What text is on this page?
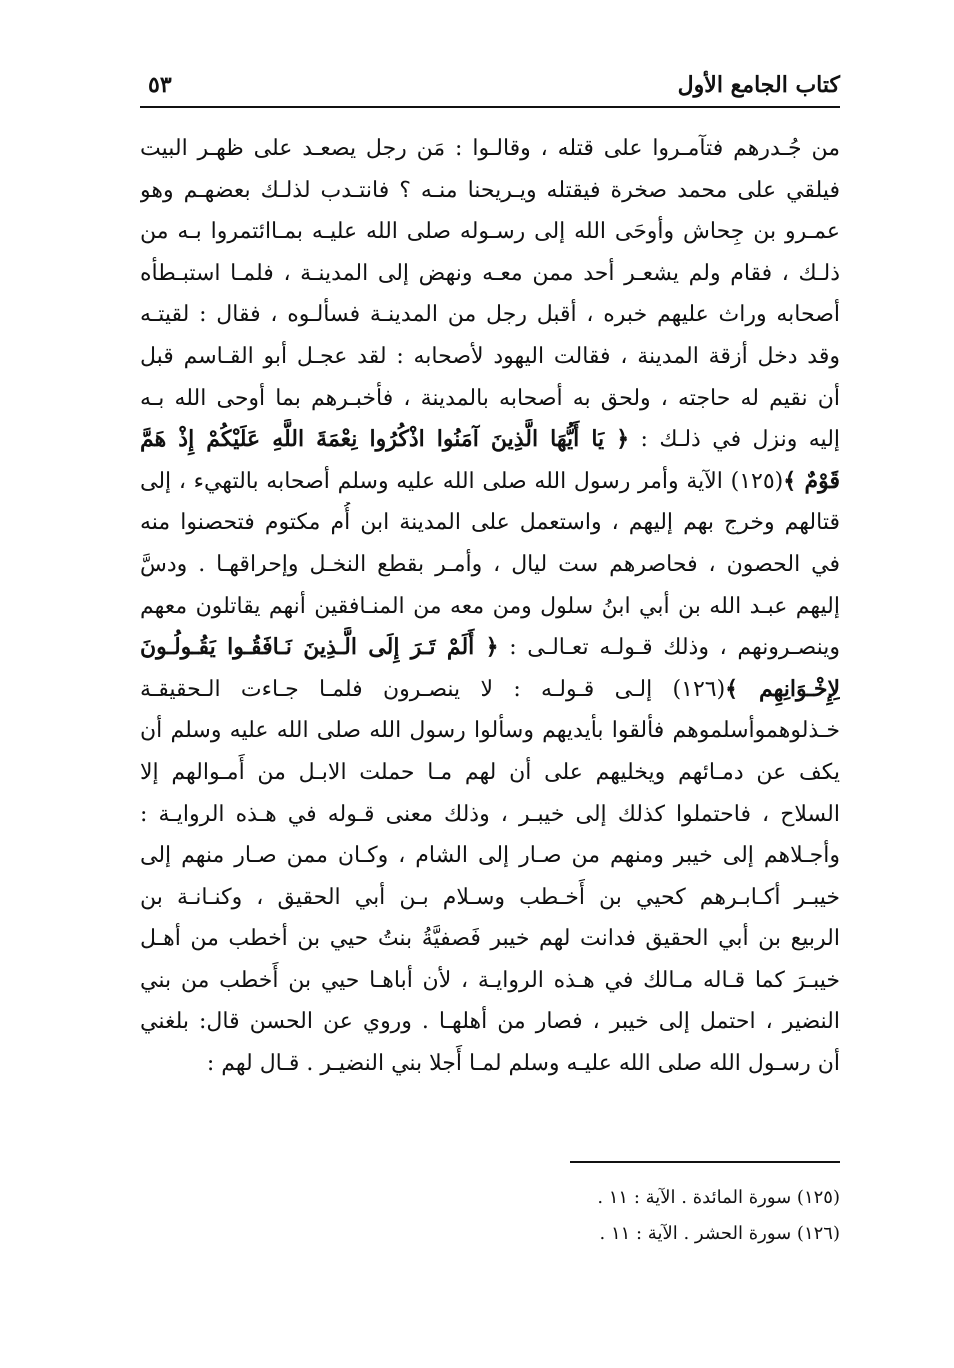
كتاب الجامع الأول
٥٣
من جُـدرهم فتآمـروا على قتله ، وقالـوا : مَن رجل يصعـد على ظهـر البيت
فيلقي على محمد صخرة فيقتله ويـريحنا منـه ؟ فانتـدب لذلـك بعضهـم وهو
عمـرو بن جِحاش وأوحَى الله إلى رسـوله صلى الله عليـه بمـاائتمروا بـه من
ذلـك ، فقام ولم يشعـر أحد ممن معـه ونهض إلى المدينـة ، فلمـا استبـطأه
أصحابه وراث عليهم خبره ، أقبل رجل من المدينـة فسألـوه ، فقال : لقيتـه
وقد دخل أزقة المدينة ، فقالت اليهود لأصحابه : لقد عجـل أبو القـاسم قبل
أن نقيم له حاجته ، ولحق به أصحابه بالمدينة ، فأخبـرهم بما أوحى الله بـه
إليه ونزل في ذلـك : ﴿ يَا أَيُّهَا الَّذِينَ آمَنُوا اذْكُرُوا نِعْمَةَ اللَّهِ عَلَيْكُمْ إِذْ هَمَّ
قَوْمٌ ﴾(١٢٥) الآية وأمر رسول الله صلى الله عليه وسلم أصحابه بالتهيء ، إلى
قتالهم وخرج بهم إليهم ، واستعمل على المدينة ابن أُم مكتوم فتحصنوا منه
في الحصون ، فحاصرهم ست ليال ، وأمـر بقطع النخـل وإحراقهـا . ودسَّ
إليهم عبـد الله بن أبي ابنُ سلول ومن معه من المنـافقين أنهم يقاتلون معهم
وينصـرونهم ، وذلك قـولـه تعـالـى : ﴿ أَلَمْ تَـرَ إِلَى الَّـذِينَ نَـافَقُـوا يَقُـولُـونَ
لِإِخْـوَانِهِم ﴾(١٢٦) إلـى قـولـه : لا ينصـرون فلمـا جـاءت الـحقيقـة
خـذلوهموأسلموهم فألقوا بأيديهم وسألوا رسول الله صلى الله عليه وسلم أن
يكف عن دمـائهم ويخليهم على أن لهم مـا حملت الابـل من أَمـوالهم إلا
السلاح ، فاحتملوا كذلك إلى خيبـر ، وذلك معنى قـوله في هـذه الروايـة :
وأجـلاهم إلى خيبر ومنهم من صـار إلى الشام ، وكـان ممن صـار منهم إلى
خيبـر أكـابـرهم كحيي بن أَخـطب وسـلام بـن أبي الحقيق ، وكنـانـة بن
الربيع بن أبي الحقيق فدانت لهم خيبر فَصفيَّةُ بنتُ حيي بن أخطب من أهـل
خيبـرَ كما قـاله مـالك في هـذه الروايـة ، لأن أباهـا حيي بن أَخطب من بني
النضير ، احتمل إلى خيبر ، فصار من أهلهـا . وروي عن الحسن قال: بلغني
أن رسـول الله صلى الله عليـه وسلم لمـا أَجلا بني النضيـر . قـال لهم :
(١٢٥) سورة المائدة . الآية : ١١ .
(١٢٦) سورة الحشر . الآية : ١١ .
